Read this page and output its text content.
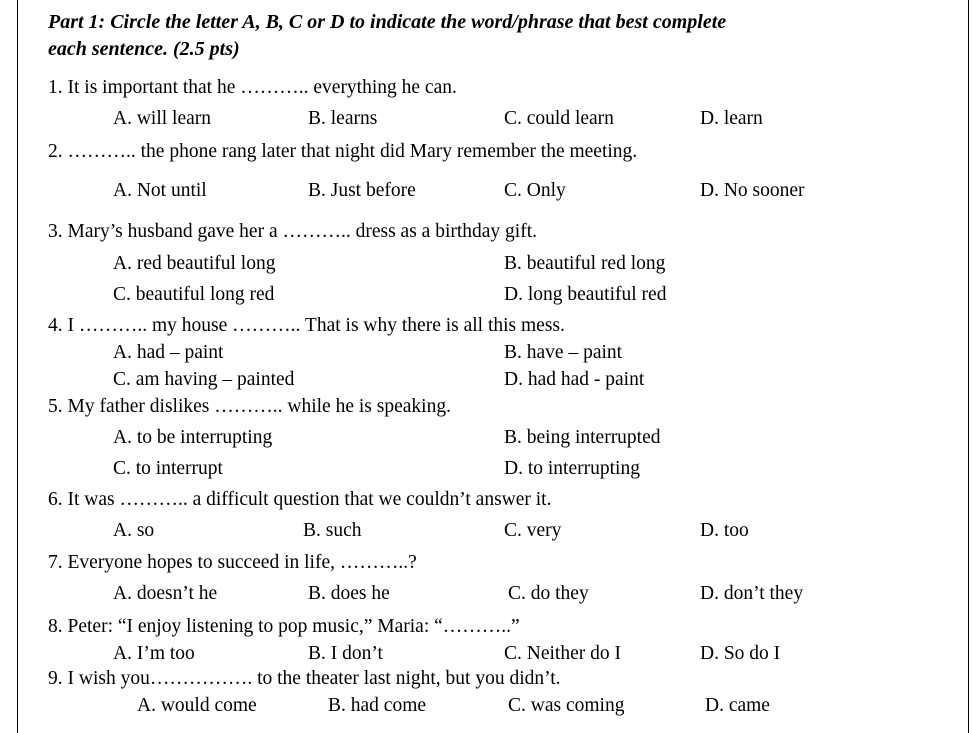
Part 1: Circle the letter A, B, C or D to indicate the word/phrase that best complete
each sentence. (2.5 pts)
1. It is important that he ……….. everything he can.
A. will learn	B. learns	C. could learn	D. learn
2. ……….. the phone rang later that night did Mary remember the meeting.
A. Not until	B. Just before	C. Only	D. No sooner
3. Mary’s husband gave her a ……….. dress as a birthday gift.
A. red beautiful long	B. beautiful red long
C. beautiful long red	D. long beautiful red
4. I ……….. my house ……….. That is why there is all this mess.
A. had – paint	B. have – paint
C. am having – painted	D. had had - paint
5. My father dislikes ……….. while he is speaking.
A. to be interrupting	B. being interrupted
C. to interrupt	D. to interrupting
6. It was ……….. a difficult question that we couldn’t answer it.
A. so	B. such	C. very	D. too
7. Everyone hopes to succeed in life, ………..?
A. doesn’t he	B. does he	C. do they	D. don’t they
8. Peter: “I enjoy listening to pop music,” Maria: “………..”
A. I’m too	B. I don’t	C. Neither do I	D. So do I
9. I wish you……………. to the theater last night, but you didn’t.
A. would come	B. had come	C. was coming	D. came
